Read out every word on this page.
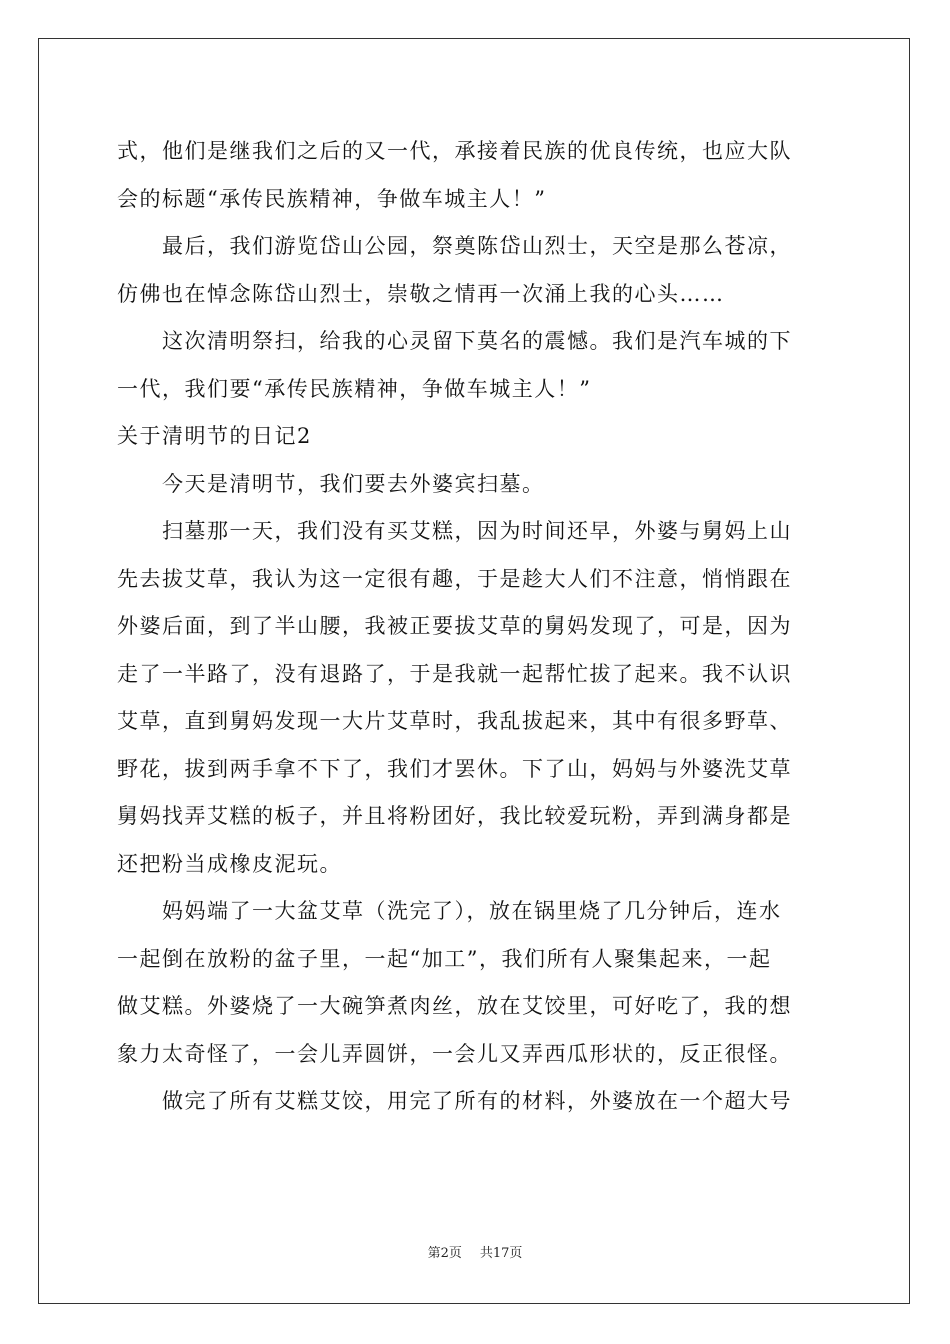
式，他们是继我们之后的又一代，承接着民族的优良传统，也应大队
会的标题“承传民族精神，争做车城主人！”
最后，我们游览岱山公园，祭奠陈岱山烈士，天空是那么苍凉，
仿佛也在悼念陈岱山烈士，崇敬之情再一次涌上我的心头……
这次清明祭扫，给我的心灵留下莫名的震憾。我们是汽车城的下
一代，我们要“承传民族精神，争做车城主人！”
关于清明节的日记2
今天是清明节，我们要去外婆宾扫墓。
扫墓那一天，我们没有买艾糕，因为时间还早，外婆与舅妈上山
先去拔艾草，我认为这一定很有趣，于是趁大人们不注意，悄悄跟在
外婆后面，到了半山腰，我被正要拔艾草的舅妈发现了，可是，因为
走了一半路了，没有退路了，于是我就一起帮忙拔了起来。我不认识
艾草，直到舅妈发现一大片艾草时，我乱拔起来，其中有很多野草、
野花，拔到两手拿不下了，我们才罢休。下了山，妈妈与外婆洗艾草
舅妈找弄艾糕的板子，并且将粉团好，我比较爱玩粉，弄到满身都是
还把粉当成橡皮泥玩。
妈妈端了一大盆艾草（洗完了），放在锅里烧了几分钟后，连水
一起倒在放粉的盆子里，一起“加工”，我们所有人聚集起来，一起
做艾糕。外婆烧了一大碗笋煮肉丝，放在艾饺里，可好吃了，我的想
象力太奇怪了，一会儿弄圆饼，一会儿又弄西瓜形状的，反正很怪。
做完了所有艾糕艾饺，用完了所有的材料，外婆放在一个超大号
第2页 共17页
